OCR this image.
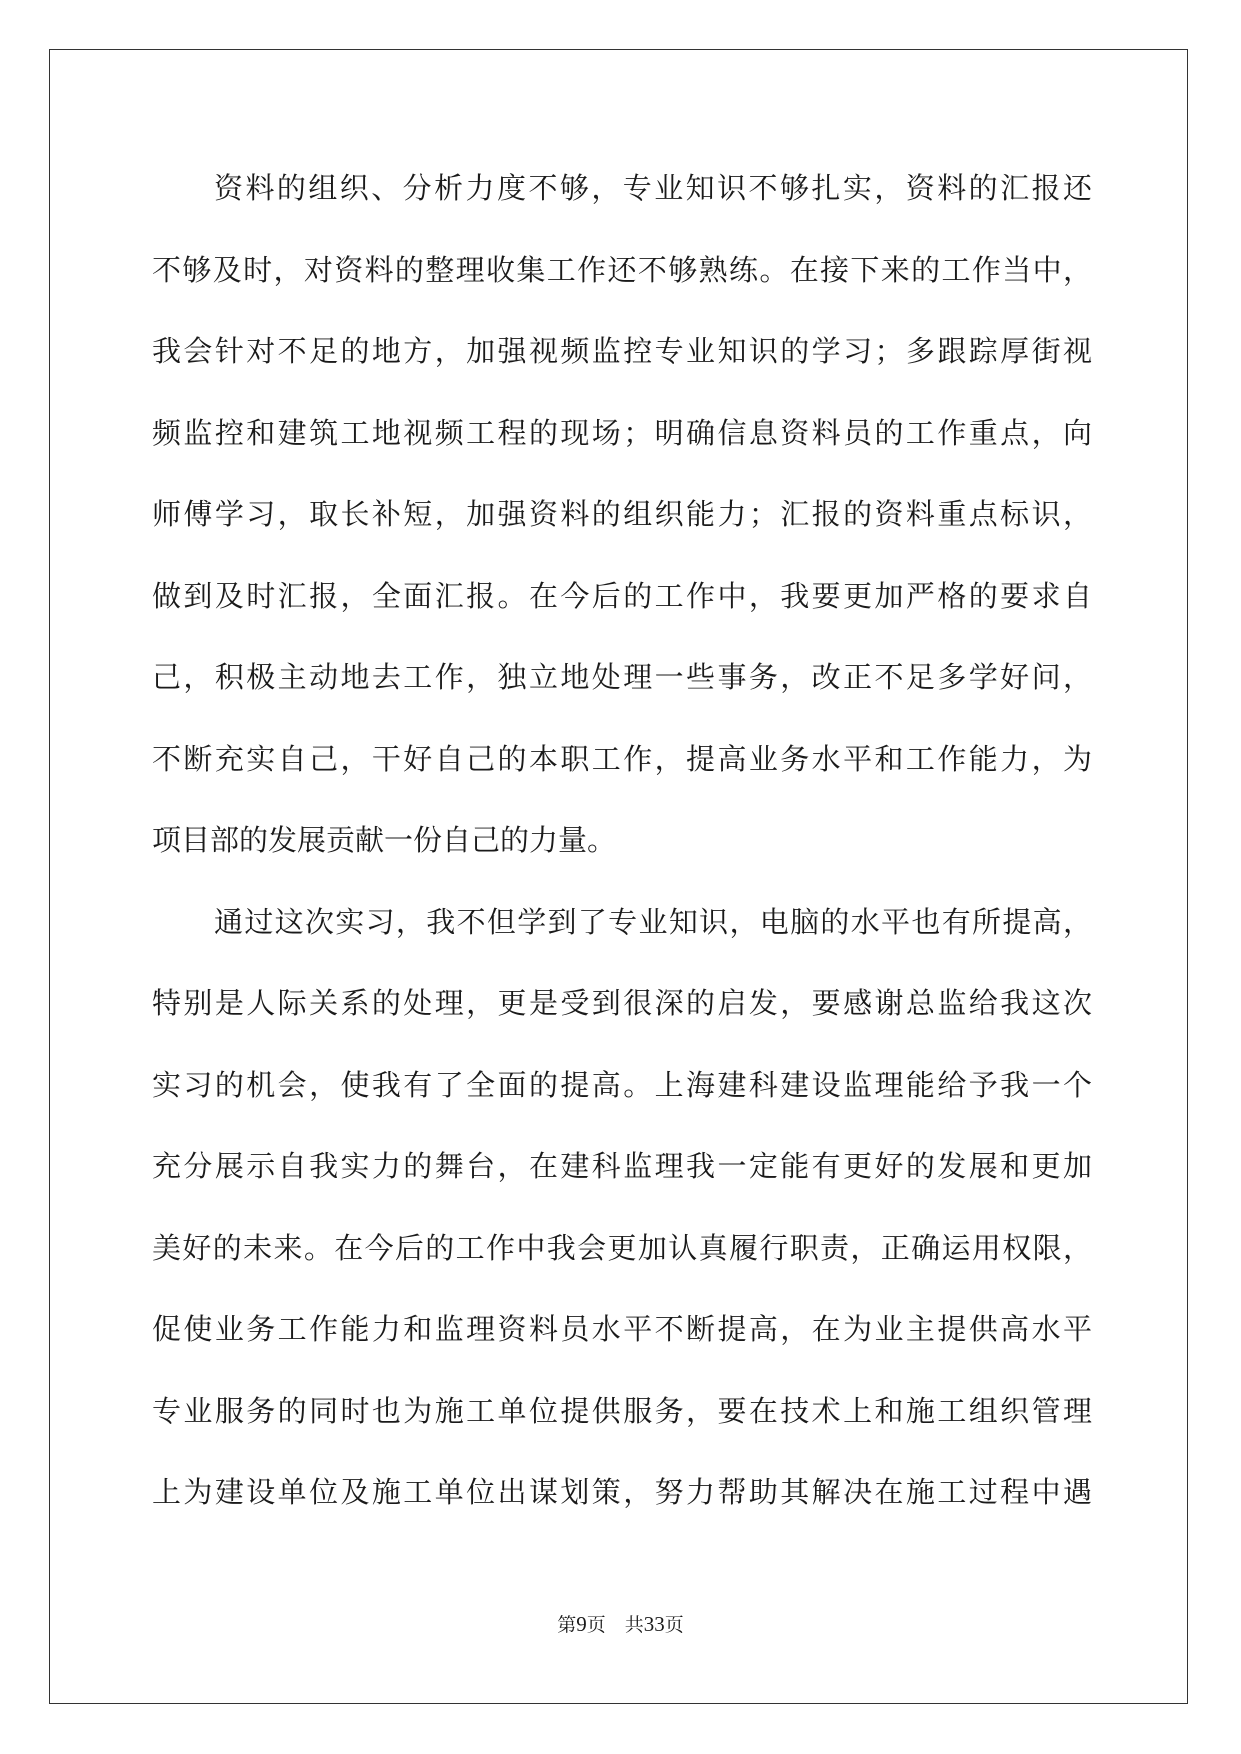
资料的组织、分析力度不够，专业知识不够扎实，资料的汇报还
不够及时，对资料的整理收集工作还不够熟练。在接下来的工作当中，
我会针对不足的地方，加强视频监控专业知识的学习；多跟踪厚街视
频监控和建筑工地视频工程的现场；明确信息资料员的工作重点，向
师傅学习，取长补短，加强资料的组织能力；汇报的资料重点标识，
做到及时汇报，全面汇报。在今后的工作中，我要更加严格的要求自
己，积极主动地去工作，独立地处理一些事务，改正不足多学好问，
不断充实自己，干好自己的本职工作，提高业务水平和工作能力，为
项目部的发展贡献一份自己的力量。
通过这次实习，我不但学到了专业知识，电脑的水平也有所提高，
特别是人际关系的处理，更是受到很深的启发，要感谢总监给我这次
实习的机会，使我有了全面的提高。上海建科建设监理能给予我一个
充分展示自我实力的舞台，在建科监理我一定能有更好的发展和更加
美好的未来。在今后的工作中我会更加认真履行职责，正确运用权限，
促使业务工作能力和监理资料员水平不断提高，在为业主提供高水平
专业服务的同时也为施工单位提供服务，要在技术上和施工组织管理
上为建设单位及施工单位出谋划策，努力帮助其解决在施工过程中遇
第9页　共33页
